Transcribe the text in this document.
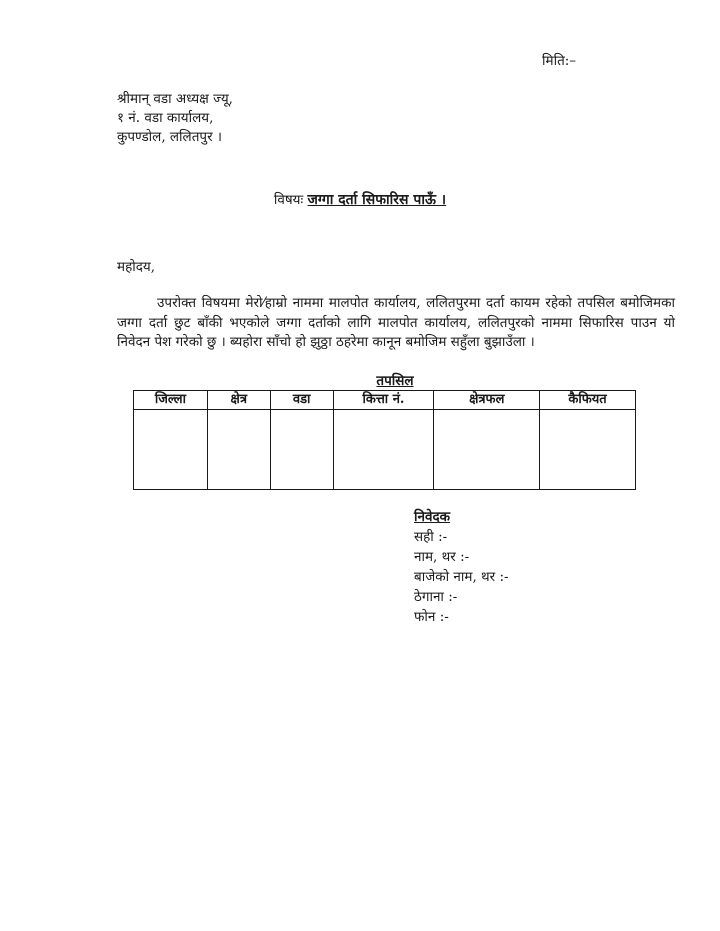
मिति:–
श्रीमान् वडा अध्यक्ष ज्यू,
१ नं. वडा कार्यालय,
कुपण्डोल, ललितपुर ।
विषयः जग्गा दर्ता सिफारिस पाऊँ ।
महोदय,
उपरोक्त विषयमा मेरो⁄हाम्रो नाममा मालपोत कार्यालय, ललितपुरमा दर्ता कायम रहेको तपसिल बमोजिमका जग्गा दर्ता छुट बाँकी भएकोले जग्गा दर्ताको लागि मालपोत कार्यालय, ललितपुरको नाममा सिफारिस पाउन यो निवेदन पेश गरेको छु । ब्यहोरा साँचो हो झुठ्ठा ठहरेमा कानून बमोजिम सहुँला बुझाउँला ।
तपसिल
जिल्ला	क्षेत्र	वडा	कित्ता नं.	क्षेत्रफल	कैफियत

निवेदक
सही :-
नाम, थर :-
बाजेको नाम, थर :-
ठेगाना :-
फोन :-
